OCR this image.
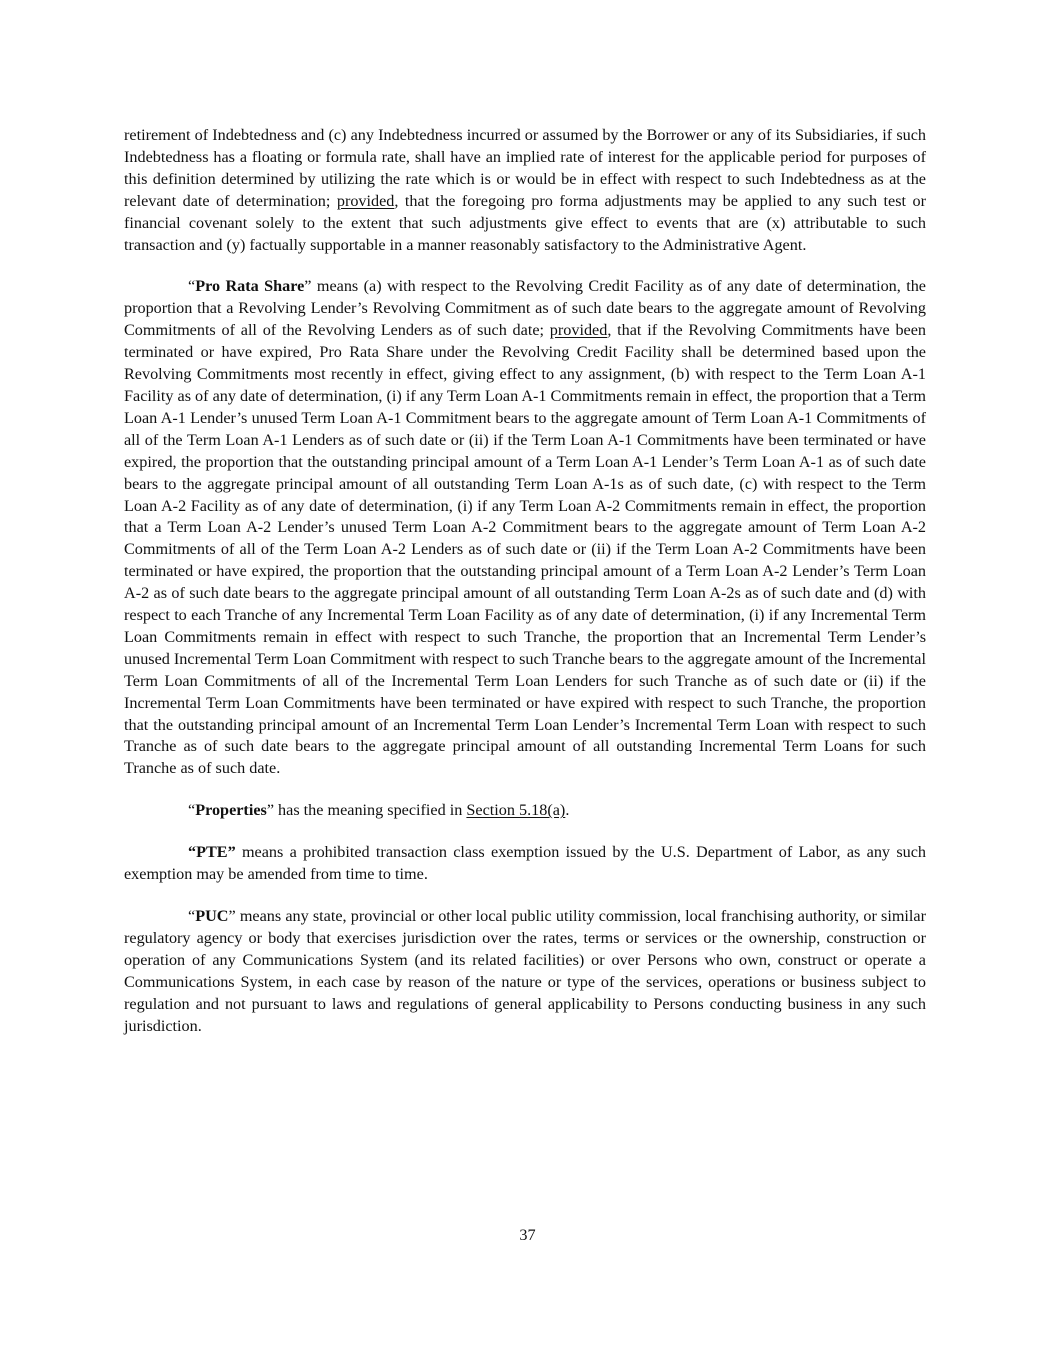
retirement of Indebtedness and (c) any Indebtedness incurred or assumed by the Borrower or any of its Subsidiaries, if such Indebtedness has a floating or formula rate, shall have an implied rate of interest for the applicable period for purposes of this definition determined by utilizing the rate which is or would be in effect with respect to such Indebtedness as at the relevant date of determination; provided, that the foregoing pro forma adjustments may be applied to any such test or financial covenant solely to the extent that such adjustments give effect to events that are (x) attributable to such transaction and (y) factually supportable in a manner reasonably satisfactory to the Administrative Agent.

“Pro Rata Share” means (a) with respect to the Revolving Credit Facility as of any date of determination, the proportion that a Revolving Lender’s Revolving Commitment as of such date bears to the aggregate amount of Revolving Commitments of all of the Revolving Lenders as of such date; provided, that if the Revolving Commitments have been terminated or have expired, Pro Rata Share under the Revolving Credit Facility shall be determined based upon the Revolving Commitments most recently in effect, giving effect to any assignment, (b) with respect to the Term Loan A-1 Facility as of any date of determination, (i) if any Term Loan A-1 Commitments remain in effect, the proportion that a Term Loan A-1 Lender’s unused Term Loan A-1 Commitment bears to the aggregate amount of Term Loan A-1 Commitments of all of the Term Loan A-1 Lenders as of such date or (ii) if the Term Loan A-1 Commitments have been terminated or have expired, the proportion that the outstanding principal amount of a Term Loan A-1 Lender’s Term Loan A-1 as of such date bears to the aggregate principal amount of all outstanding Term Loan A-1s as of such date, (c) with respect to the Term Loan A-2 Facility as of any date of determination, (i) if any Term Loan A-2 Commitments remain in effect, the proportion that a Term Loan A-2 Lender’s unused Term Loan A-2 Commitment bears to the aggregate amount of Term Loan A-2 Commitments of all of the Term Loan A-2 Lenders as of such date or (ii) if the Term Loan A-2 Commitments have been terminated or have expired, the proportion that the outstanding principal amount of a Term Loan A-2 Lender’s Term Loan A-2 as of such date bears to the aggregate principal amount of all outstanding Term Loan A-2s as of such date and (d) with respect to each Tranche of any Incremental Term Loan Facility as of any date of determination, (i) if any Incremental Term Loan Commitments remain in effect with respect to such Tranche, the proportion that an Incremental Term Lender’s unused Incremental Term Loan Commitment with respect to such Tranche bears to the aggregate amount of the Incremental Term Loan Commitments of all of the Incremental Term Loan Lenders for such Tranche as of such date or (ii) if the Incremental Term Loan Commitments have been terminated or have expired with respect to such Tranche, the proportion that the outstanding principal amount of an Incremental Term Loan Lender’s Incremental Term Loan with respect to such Tranche as of such date bears to the aggregate principal amount of all outstanding Incremental Term Loans for such Tranche as of such date.

“Properties” has the meaning specified in Section 5.18(a).

“PTE” means a prohibited transaction class exemption issued by the U.S. Department of Labor, as any such exemption may be amended from time to time.

“PUC” means any state, provincial or other local public utility commission, local franchising authority, or similar regulatory agency or body that exercises jurisdiction over the rates, terms or services or the ownership, construction or operation of any Communications System (and its related facilities) or over Persons who own, construct or operate a Communications System, in each case by reason of the nature or type of the services, operations or business subject to regulation and not pursuant to laws and regulations of general applicability to Persons conducting business in any such jurisdiction.

37
